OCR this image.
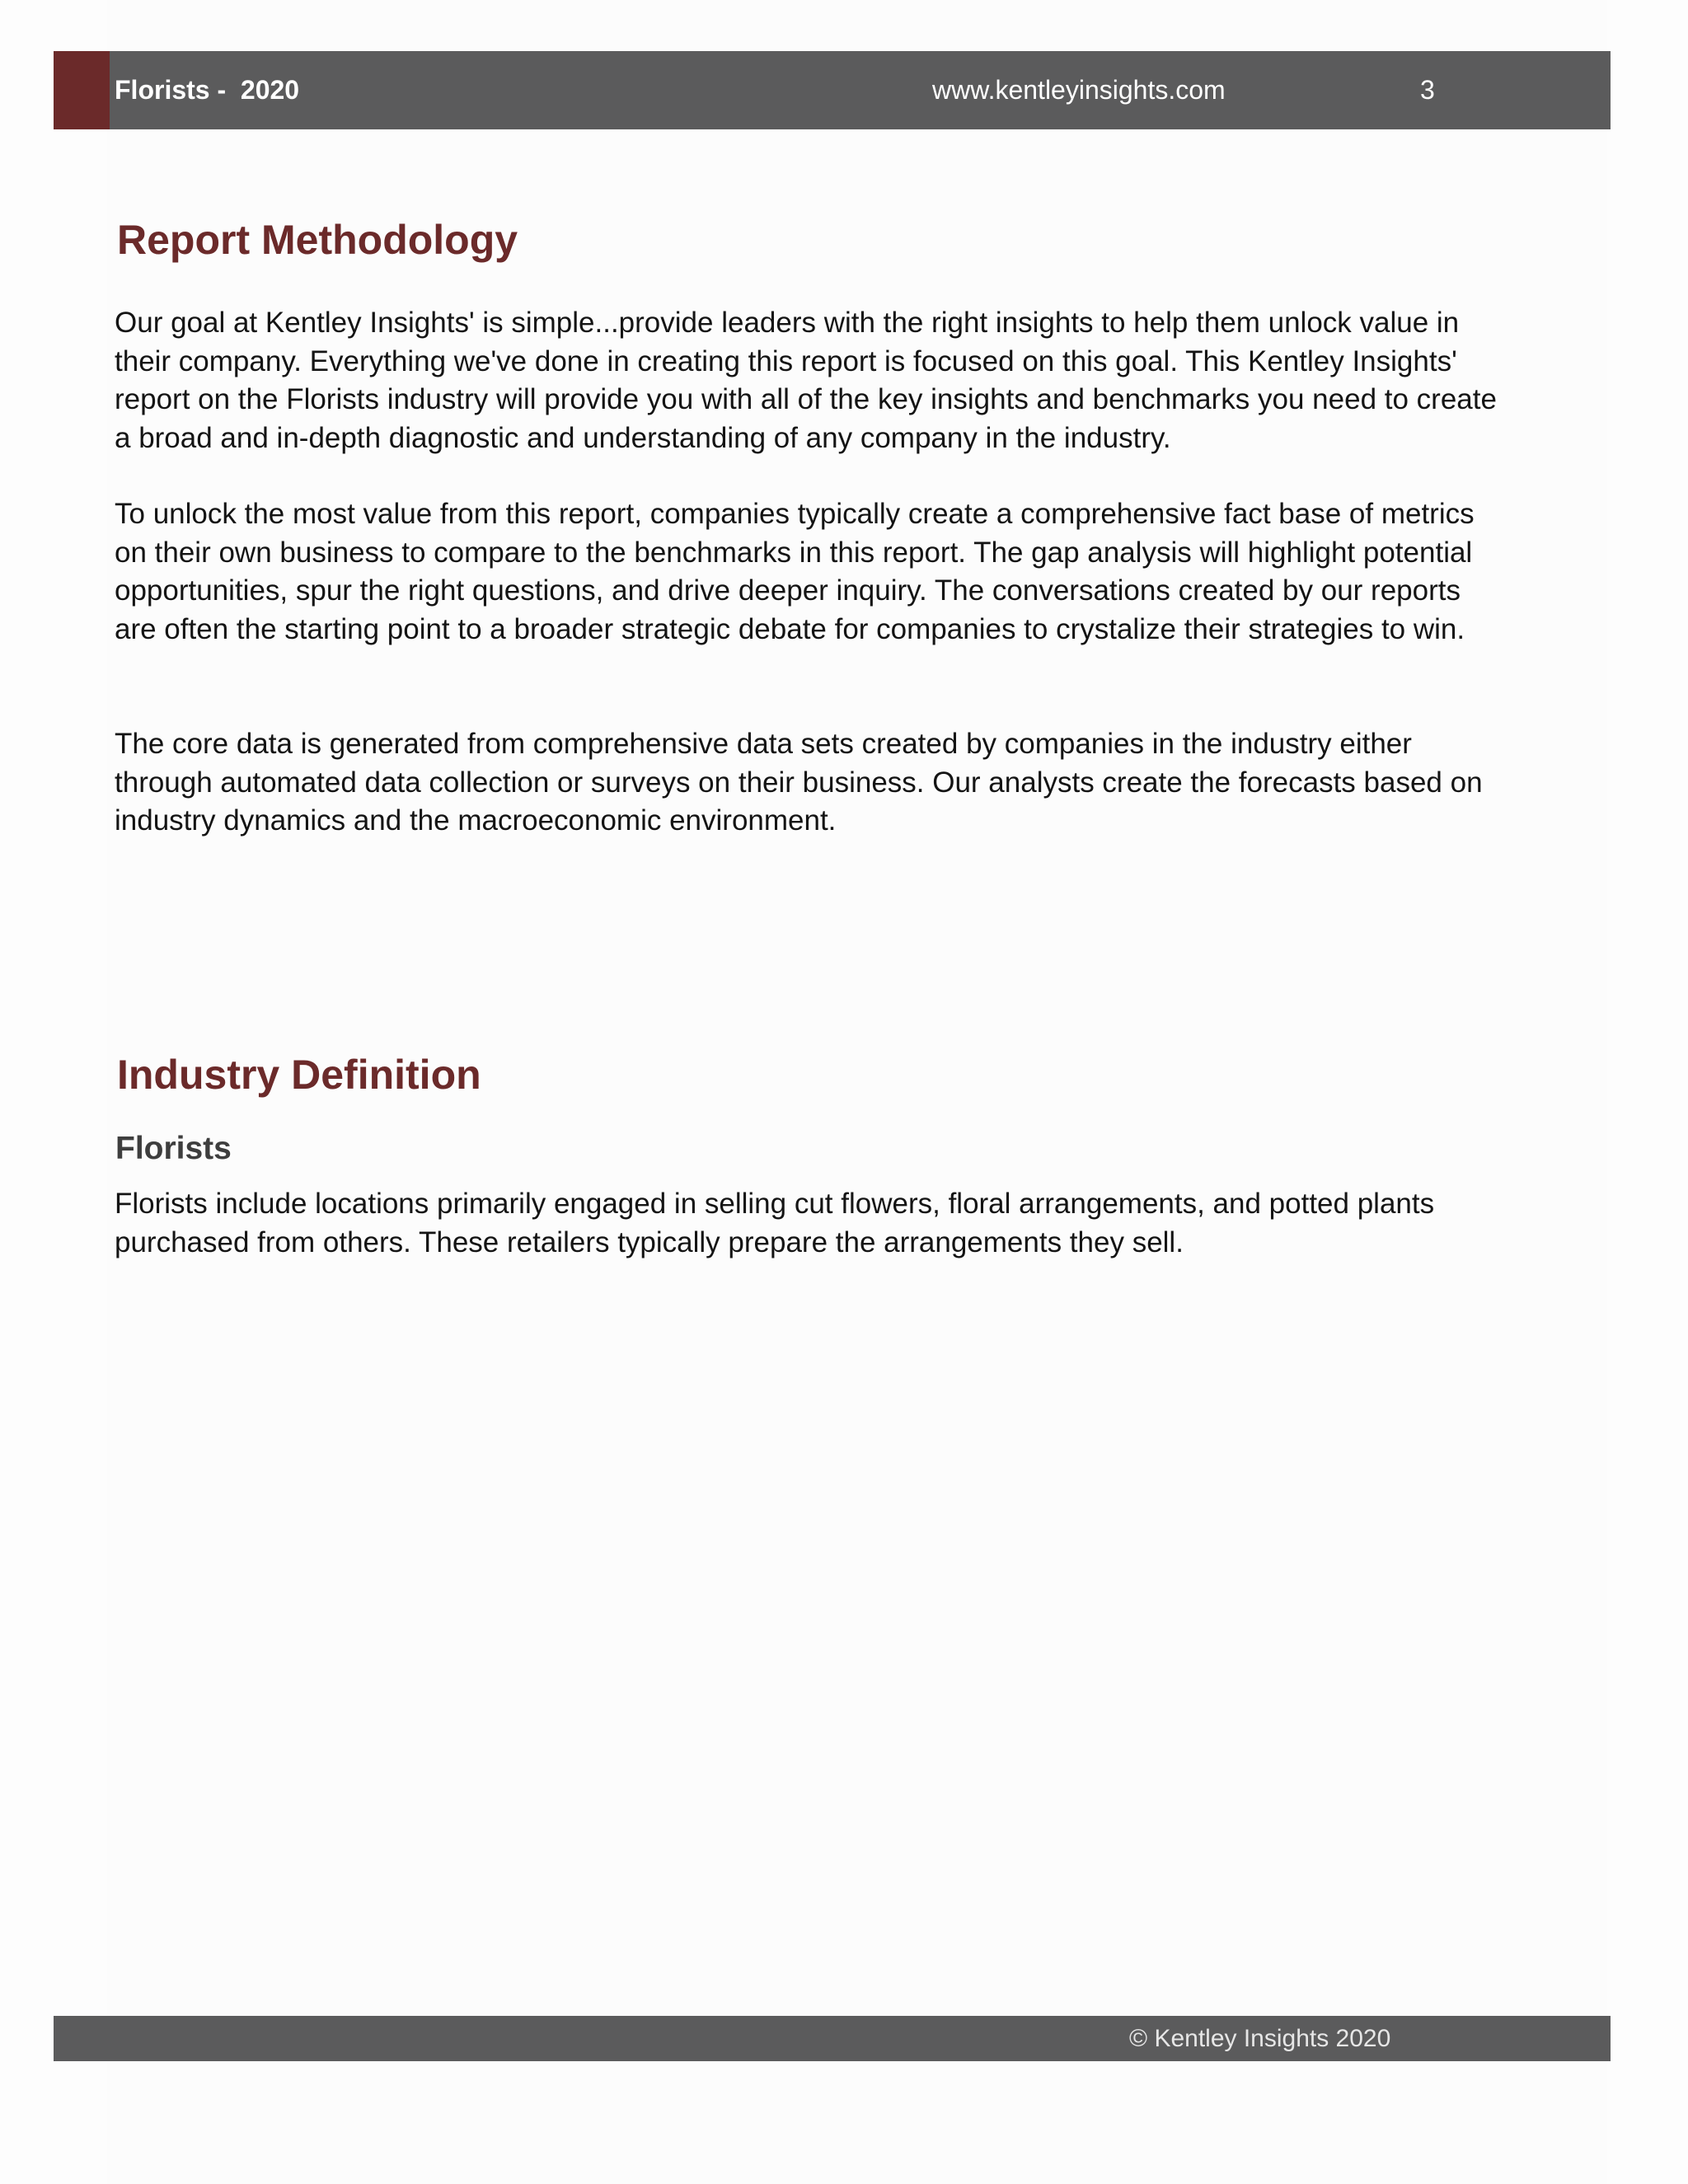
Florists -  2020	www.kentleyinsights.com	3
Report Methodology

Our goal at Kentley Insights' is simple...provide leaders with the right insights to help them unlock value in their company. Everything we've done in creating this report is focused on this goal. This Kentley Insights' report on the Florists industry will provide you with all of the key insights and benchmarks you need to create a broad and in-depth diagnostic and understanding of any company in the industry.

To unlock the most value from this report, companies typically create a comprehensive fact base of metrics on their own business to compare to the benchmarks in this report. The gap analysis will highlight potential opportunities, spur the right questions, and drive deeper inquiry. The conversations created by our reports are often the starting point to a broader strategic debate for companies to crystalize their strategies to win.

The core data is generated from comprehensive data sets created by companies in the industry either through automated data collection or surveys on their business. Our analysts create the forecasts based on industry dynamics and the macroeconomic environment.

Industry Definition
Florists

Florists include locations primarily engaged in selling cut flowers, floral arrangements, and potted plants purchased from others. These retailers typically prepare the arrangements they sell.

© Kentley Insights 2020
